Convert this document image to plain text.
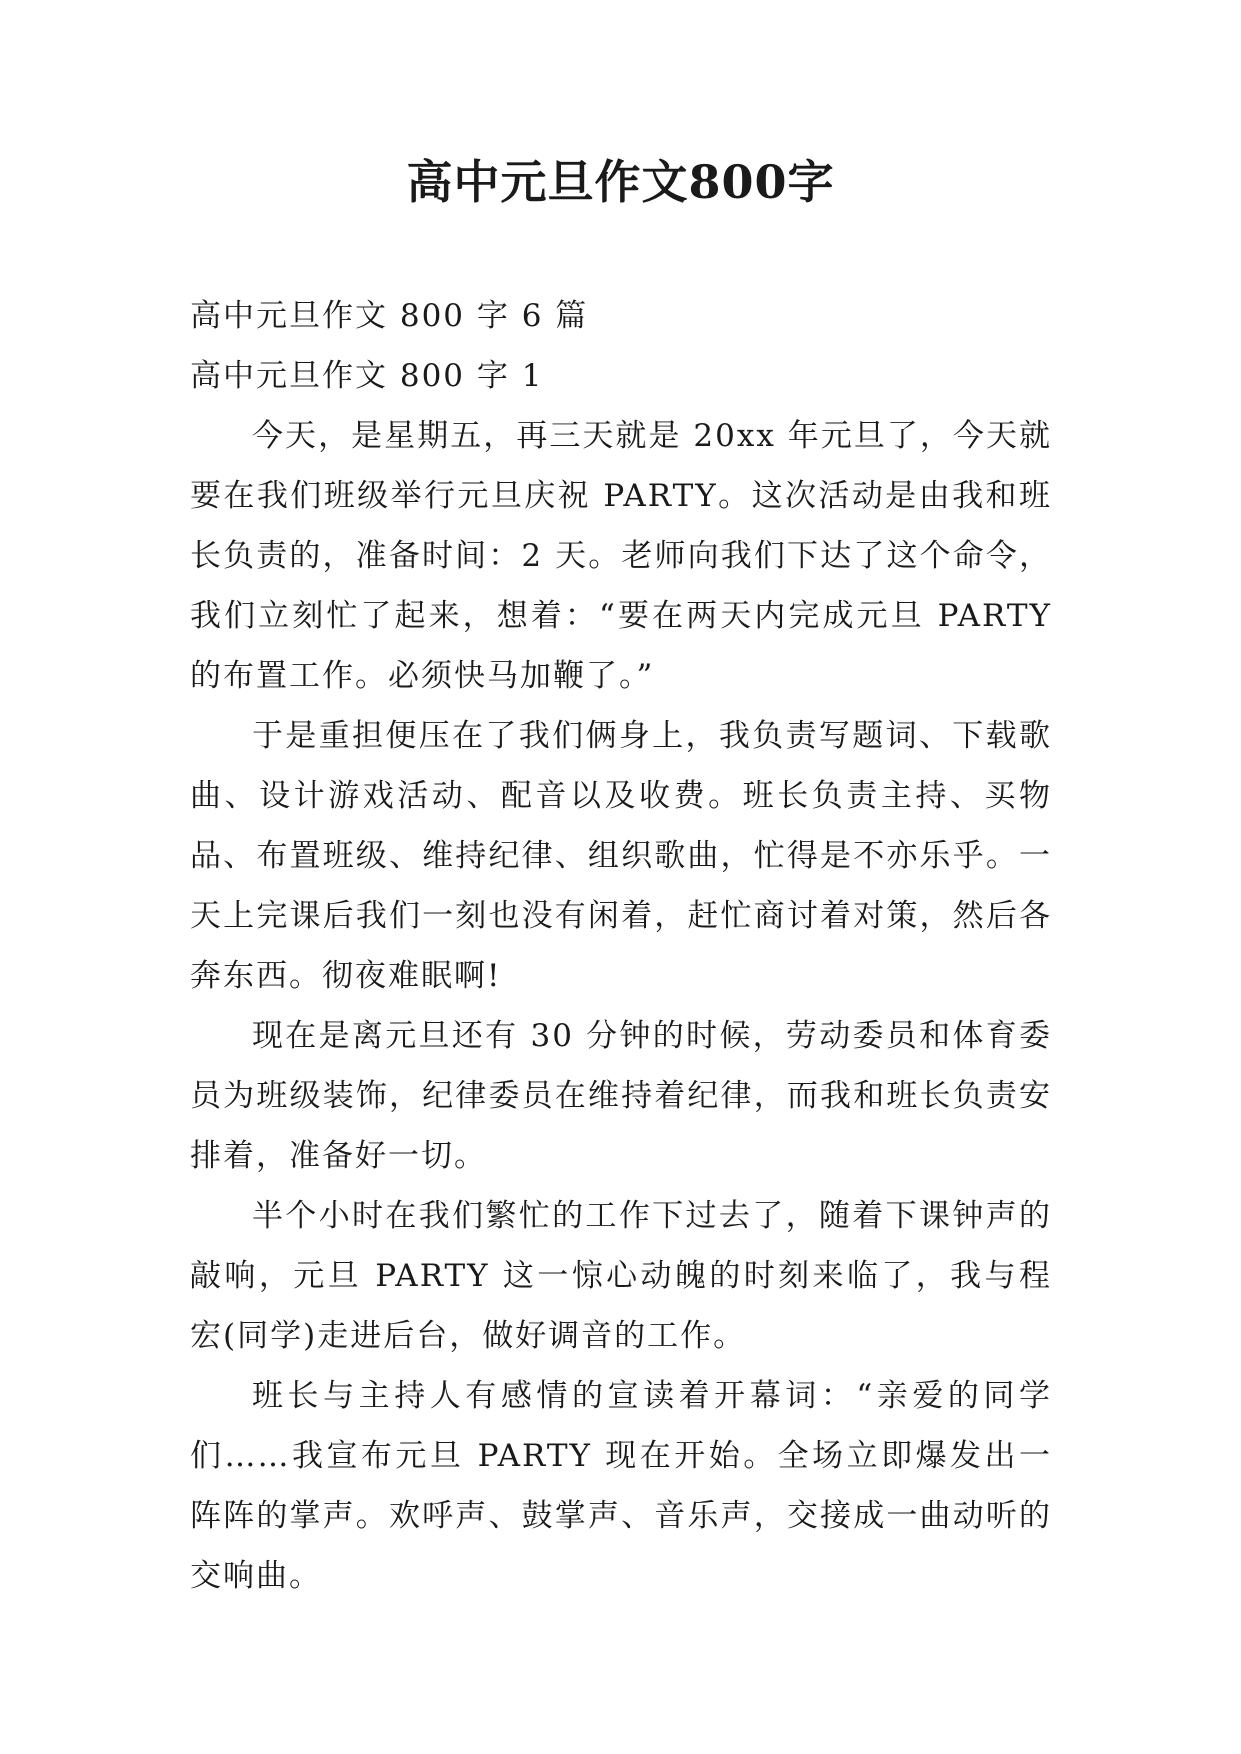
高中元旦作文800字

高中元旦作文 800 字 6 篇

高中元旦作文 800 字 1

今天，是星期五，再三天就是 20xx 年元旦了，今天就要在我们班级举行元旦庆祝 PARTY。这次活动是由我和班长负责的，准备时间：2 天。老师向我们下达了这个命令，我们立刻忙了起来，想着：“要在两天内完成元旦 PARTY 的布置工作。必须快马加鞭了。”

于是重担便压在了我们俩身上，我负责写题词、下载歌曲、设计游戏活动、配音以及收费。班长负责主持、买物品、布置班级、维持纪律、组织歌曲，忙得是不亦乐乎。一天上完课后我们一刻也没有闲着，赶忙商讨着对策，然后各奔东西。彻夜难眠啊!

现在是离元旦还有 30 分钟的时候，劳动委员和体育委员为班级装饰，纪律委员在维持着纪律，而我和班长负责安排着，准备好一切。

半个小时在我们繁忙的工作下过去了，随着下课钟声的敲响，元旦 PARTY 这一惊心动魄的时刻来临了，我与程宏(同学)走进后台，做好调音的工作。

班长与主持人有感情的宣读着开幕词：“亲爱的同学们……我宣布元旦 PARTY 现在开始。全场立即爆发出一阵阵的掌声。欢呼声、鼓掌声、音乐声，交接成一曲动听的交响曲。
